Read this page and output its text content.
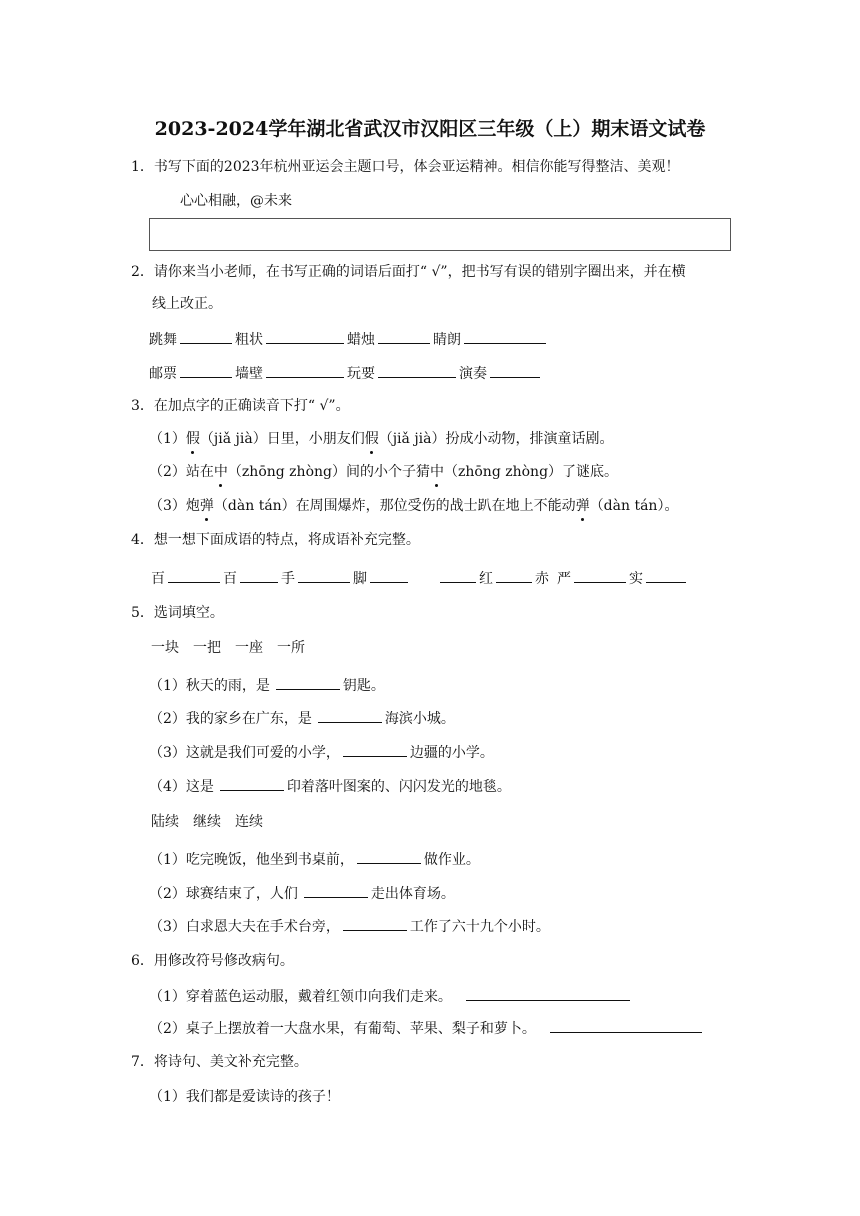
2023-2024学年湖北省武汉市汉阳区三年级（上）期末语文试卷
1．书写下面的2023年杭州亚运会主题口号，体会亚运精神。相信你能写得整洁、美观！
心心相融，@未来
2．请你来当小老师，在书写正确的词语后面打“ √”，把书写有误的错别字圈出来，并在横
线上改正。
跳舞	粗状	蜡烛	睛朗
邮票	墙壁	玩要	演奏
3．在加点字的正确读音下打“ √”。
（1）假（jiǎ jià）日里，小朋友们假（jiǎ jià）扮成小动物，排演童话剧。
（2）站在中（zhōng zhòng）间的小个子猜中（zhōng zhòng）了谜底。
（3）炮弹（dàn tán）在周围爆炸，那位受伤的战士趴在地上不能动弹（dàn tán）。
4．想一想下面成语的特点，将成语补充完整。
百	百	手	脚	红	赤 严	实
5．选词填空。
一块　一把　一座　一所
（1）秋天的雨，是	钥匙。
（2）我的家乡在广东，是	海滨小城。
（3）这就是我们可爱的小学，	边疆的小学。
（4）这是	印着落叶图案的、闪闪发光的地毯。
陆续　继续　连续
（1）吃完晚饭，他坐到书桌前，	做作业。
（2）球赛结束了，人们	走出体育场。
（3）白求恩大夫在手术台旁，	工作了六十九个小时。
6．用修改符号修改病句。
（1）穿着蓝色运动服，戴着红领巾向我们走来。
（2）桌子上摆放着一大盘水果，有葡萄、苹果、梨子和萝卜。
7．将诗句、美文补充完整。
（1）我们都是爱读诗的孩子！
